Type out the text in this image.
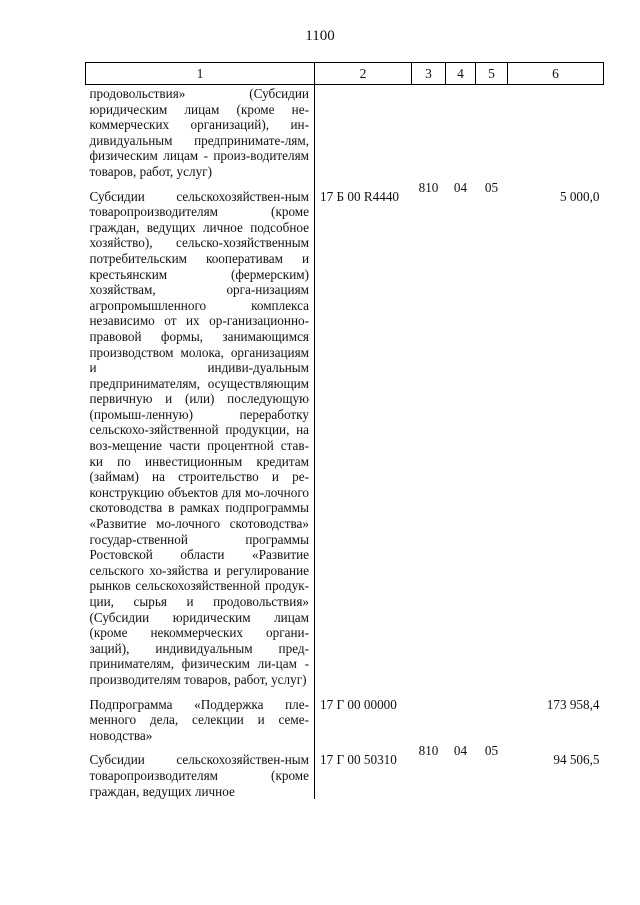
1100
1	2	3	4	5	6
продовольствия» (Субсидии юридическим лицам (кроме не-коммерческих организаций), ин-дивидуальным предпринимате-лям, физическим лицам - произ-водителям товаров, работ, услуг)					
Субсидии сельскохозяйствен-ным товаропроизводителям (кроме граждан, ведущих личное подсобное хозяйство), сельско-хозяйственным потребительским кооперативам и крестьянским (фермерским) хозяйствам, орга-низациям агропромышленного комплекса независимо от их ор-ганизационно-правовой формы, занимающимся производством молока, организациям и индиви-дуальным предпринимателям, осуществляющим первичную и (или) последующую (промыш-ленную) переработку сельскохо-зяйственной продукции, на воз-мещение части процентной став-ки по инвестиционным кредитам (займам) на строительство и ре-конструкцию объектов для мо-лочного скотоводства в рамках подпрограммы «Развитие мо-лочного скотоводства» государ-ственной программы Ростовской области «Развитие сельского хо-зяйства и регулирование рынков сельскохозяйственной продук-ции, сырья и продовольствия» (Субсидии юридическим лицам (кроме некоммерческих органи-заций), индивидуальным пред-принимателям, физическим ли-цам - производителям товаров, работ, услуг)	17 Б 00 R4440	810	04	05	5 000,0
Подпрограмма «Поддержка пле-менного дела, селекции и семе-новодства»	17 Г 00 00000				173 958,4
Субсидии сельскохозяйствен-ным товаропроизводителям (кроме граждан, ведущих личное	17 Г 00 50310	810	04	05	94 506,5
